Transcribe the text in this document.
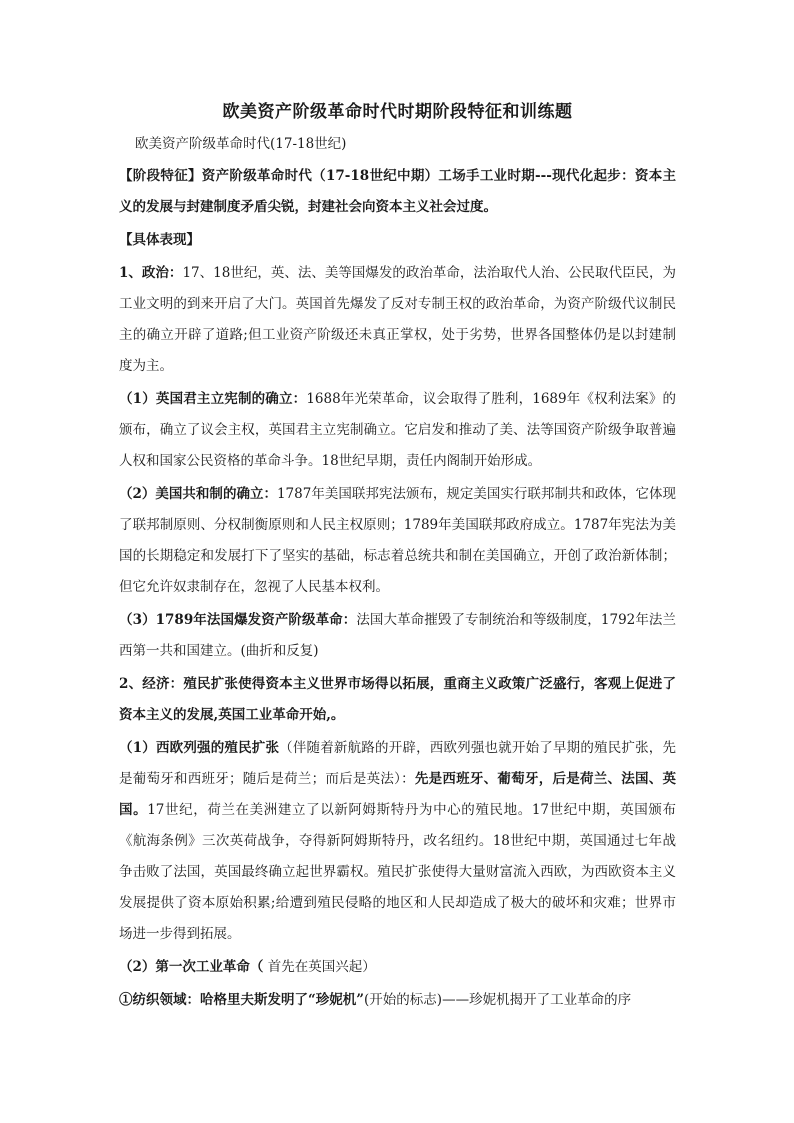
欧美资产阶级革命时代时期阶段特征和训练题
欧美资产阶级革命时代(17-18世纪)

【阶段特征】资产阶级革命时代（17-18世纪中期）工场手工业时期---现代化起步：资本主义的发展与封建制度矛盾尖锐，封建社会向资本主义社会过度。

【具体表现】

1、政治：17、18世纪，英、法、美等国爆发的政治革命，法治取代人治、公民取代臣民，为工业文明的到来开启了大门。英国首先爆发了反对专制王权的政治革命，为资产阶级代议制民主的确立开辟了道路;但工业资产阶级还未真正掌权，处于劣势，世界各国整体仍是以封建制度为主。

（1）英国君主立宪制的确立：1688年光荣革命，议会取得了胜利，1689年《权利法案》的颁布，确立了议会主权，英国君主立宪制确立。它启发和推动了美、法等国资产阶级争取普遍人权和国家公民资格的革命斗争。18世纪早期，责任内阁制开始形成。

（2）美国共和制的确立：1787年美国联邦宪法颁布，规定美国实行联邦制共和政体，它体现了联邦制原则、分权制衡原则和人民主权原则；1789年美国联邦政府成立。1787年宪法为美国的长期稳定和发展打下了坚实的基础，标志着总统共和制在美国确立，开创了政治新体制；但它允许奴隶制存在，忽视了人民基本权利。

（3）1789年法国爆发资产阶级革命：法国大革命摧毁了专制统治和等级制度，1792年法兰西第一共和国建立。(曲折和反复)

2、经济：殖民扩张使得资本主义世界市场得以拓展，重商主义政策广泛盛行，客观上促进了资本主义的发展,英国工业革命开始,。

（1）西欧列强的殖民扩张（伴随着新航路的开辟，西欧列强也就开始了早期的殖民扩张，先是葡萄牙和西班牙；随后是荷兰；而后是英法）：先是西班牙、葡萄牙，后是荷兰、法国、英国。17世纪，荷兰在美洲建立了以新阿姆斯特丹为中心的殖民地。17世纪中期，英国颁布《航海条例》三次英荷战争，夺得新阿姆斯特丹，改名纽约。18世纪中期，英国通过七年战争击败了法国，英国最终确立起世界霸权。殖民扩张使得大量财富流入西欧，为西欧资本主义发展提供了资本原始积累;给遭到殖民侵略的地区和人民却造成了极大的破坏和灾难；世界市场进一步得到拓展。

（2）第一次工业革命（ 首先在英国兴起）

①纺织领域：哈格里夫斯发明了“珍妮机”(开始的标志)——珍妮机揭开了工业革命的序
